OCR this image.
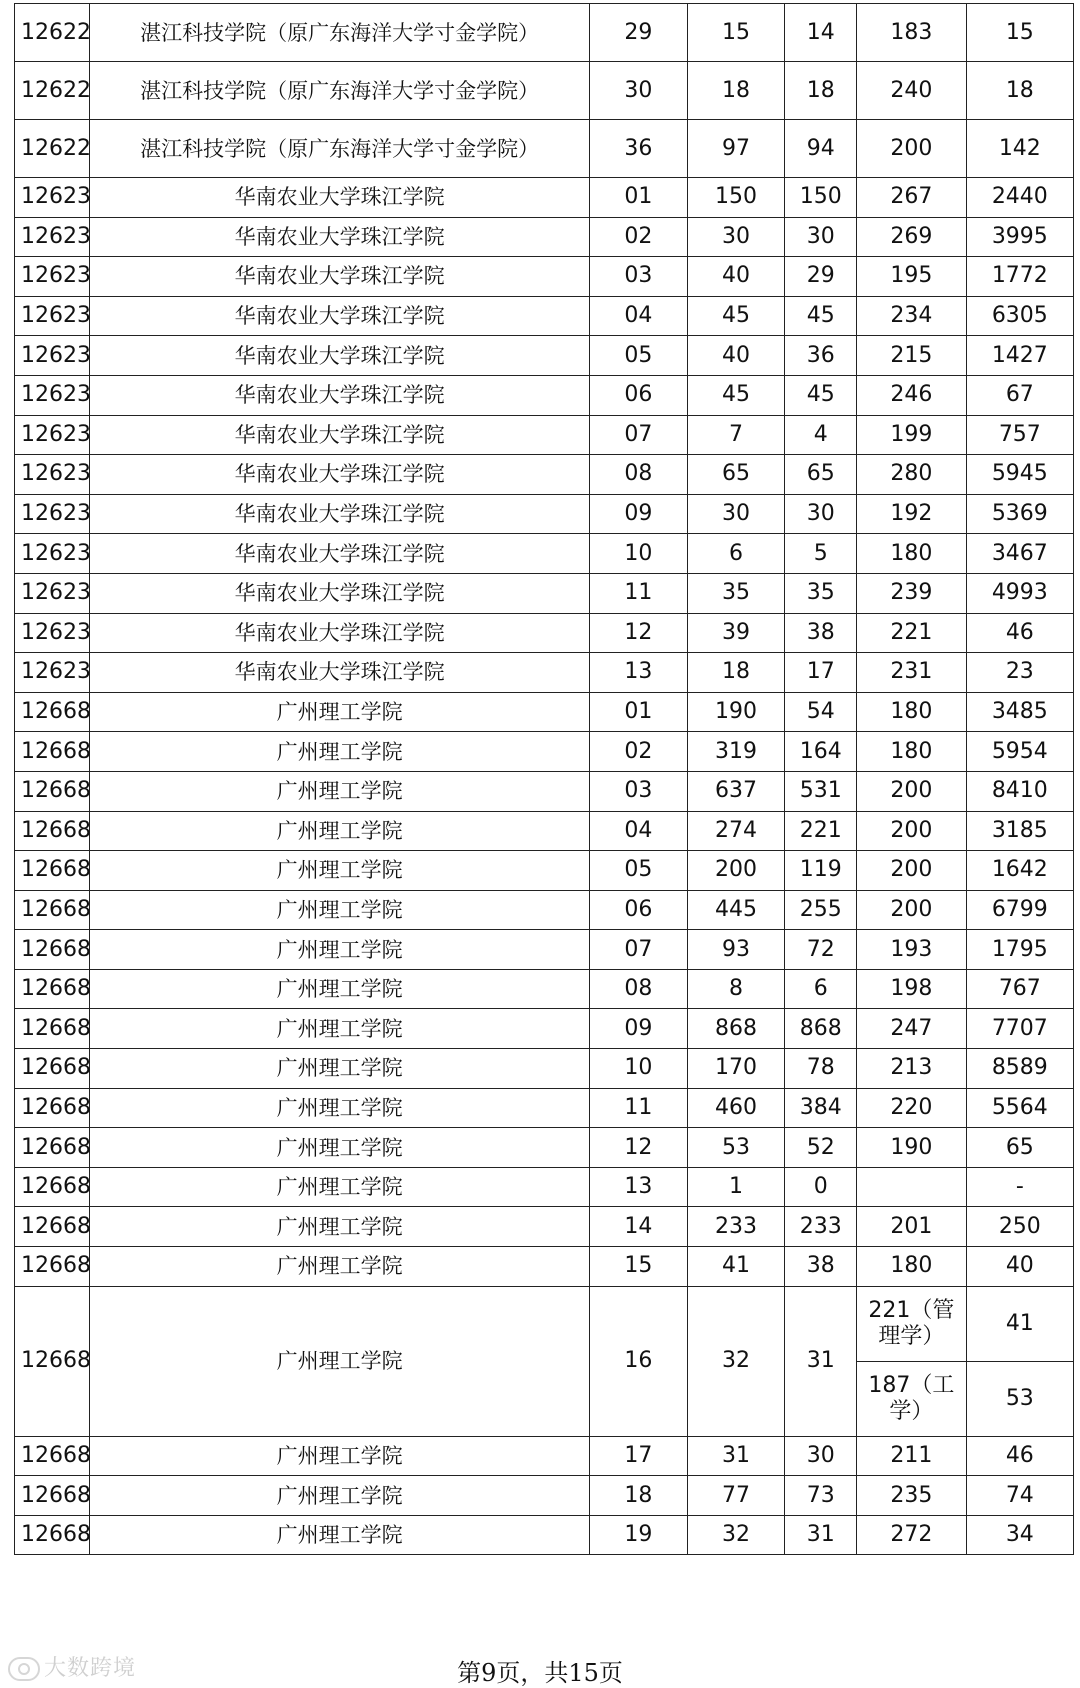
12622	湛江科技学院（原广东海洋大学寸金学院）	29	15	14	183	15
12622	湛江科技学院（原广东海洋大学寸金学院）	30	18	18	240	18
12622	湛江科技学院（原广东海洋大学寸金学院）	36	97	94	200	142
12623	华南农业大学珠江学院	01	150	150	267	2440
12623	华南农业大学珠江学院	02	30	30	269	3995
12623	华南农业大学珠江学院	03	40	29	195	1772
12623	华南农业大学珠江学院	04	45	45	234	6305
12623	华南农业大学珠江学院	05	40	36	215	1427
12623	华南农业大学珠江学院	06	45	45	246	67
12623	华南农业大学珠江学院	07	7	4	199	757
12623	华南农业大学珠江学院	08	65	65	280	5945
12623	华南农业大学珠江学院	09	30	30	192	5369
12623	华南农业大学珠江学院	10	6	5	180	3467
12623	华南农业大学珠江学院	11	35	35	239	4993
12623	华南农业大学珠江学院	12	39	38	221	46
12623	华南农业大学珠江学院	13	18	17	231	23
12668	广州理工学院	01	190	54	180	3485
12668	广州理工学院	02	319	164	180	5954
12668	广州理工学院	03	637	531	200	8410
12668	广州理工学院	04	274	221	200	3185
12668	广州理工学院	05	200	119	200	1642
12668	广州理工学院	06	445	255	200	6799
12668	广州理工学院	07	93	72	193	1795
12668	广州理工学院	08	8	6	198	767
12668	广州理工学院	09	868	868	247	7707
12668	广州理工学院	10	170	78	213	8589
12668	广州理工学院	11	460	384	220	5564
12668	广州理工学院	12	53	52	190	65
12668	广州理工学院	13	1	0		-
12668	广州理工学院	14	233	233	201	250
12668	广州理工学院	15	41	38	180	40
12668	广州理工学院	16	32	31	221（管理学）	41
					187（工学）	53
12668	广州理工学院	17	31	30	211	46
12668	广州理工学院	18	77	73	235	74
12668	广州理工学院	19	32	31	272	34
大数跨境	第9页，共15页
